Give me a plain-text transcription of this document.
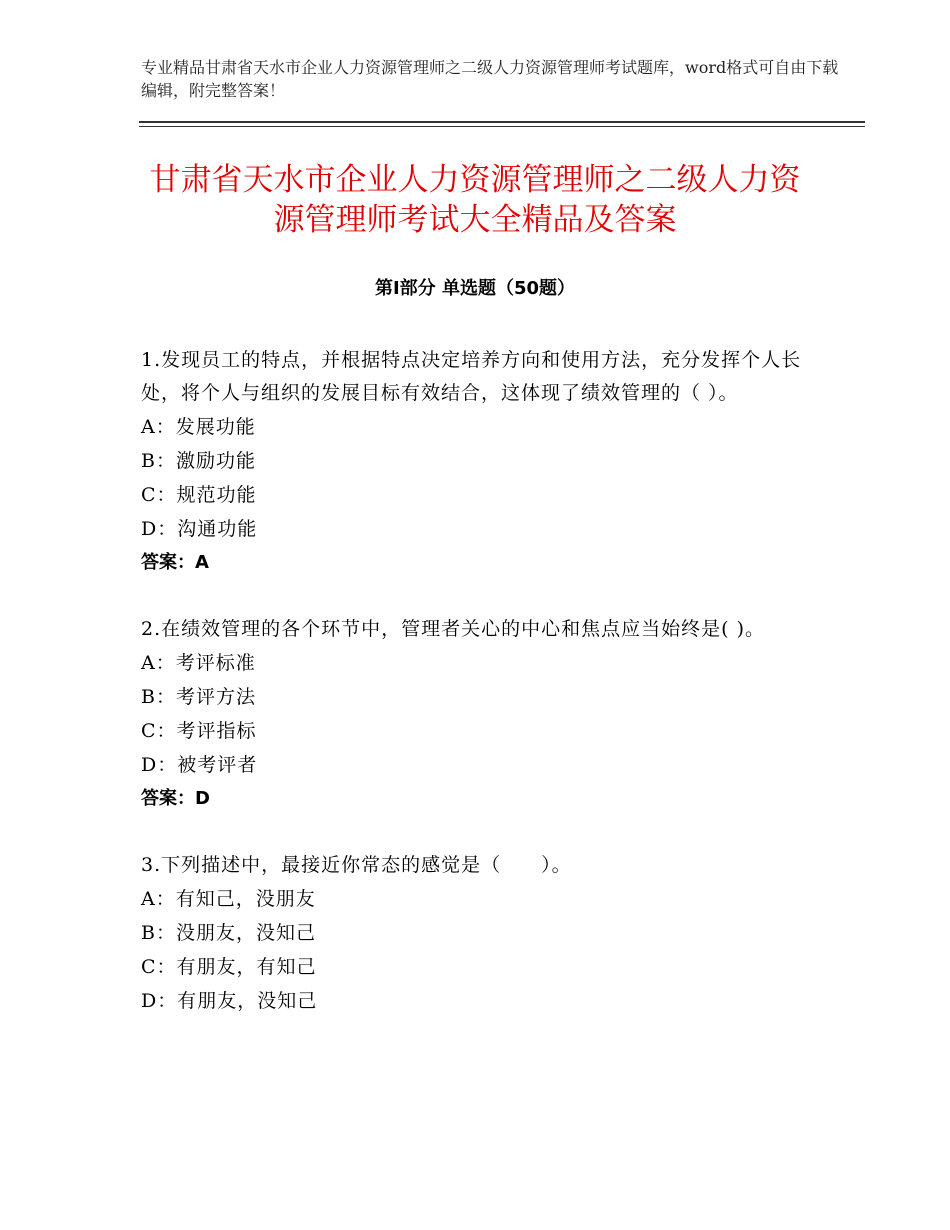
专业精品甘肃省天水市企业人力资源管理师之二级人力资源管理师考试题库，word格式可自由下载编辑，附完整答案！
甘肃省天水市企业人力资源管理师之二级人力资源管理师考试大全精品及答案
第Ⅰ部分 单选题（50题）

1.发现员工的特点，并根据特点决定培养方向和使用方法，充分发挥个人长处，将个人与组织的发展目标有效结合，这体现了绩效管理的（ ）。

A：发展功能

B：激励功能

C：规范功能

D：沟通功能

答案：A

2.在绩效管理的各个环节中，管理者关心的中心和焦点应当始终是( )。

A：考评标准

B：考评方法

C：考评指标

D：被考评者

答案：D

3.下列描述中，最接近你常态的感觉是（　　）。

A：有知己，没朋友

B：没朋友，没知己

C：有朋友，有知己

D：有朋友，没知己
